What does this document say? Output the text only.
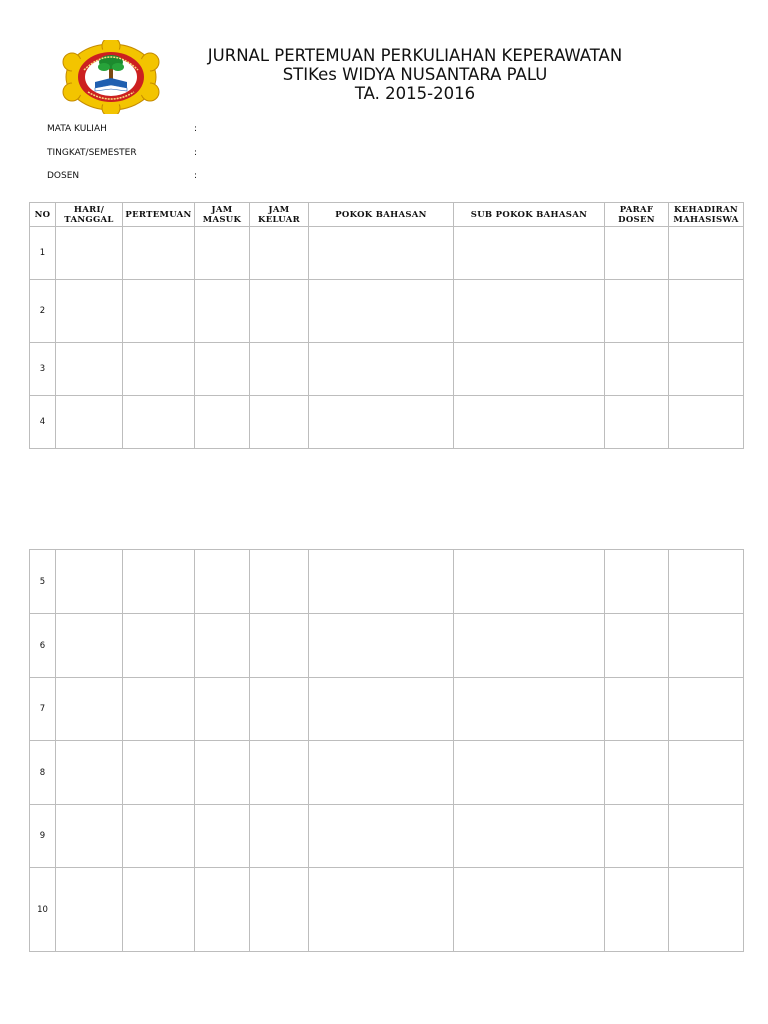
JURNAL PERTEMUAN PERKULIAHAN KEPERAWATAN
STIKes WIDYA NUSANTARA PALU
TA. 2015-2016
MATA KULIAH	:
TINGKAT/SEMESTER	:
DOSEN	:
NO	HARI/ TANGGAL	PERTEMUAN	JAM MASUK	JAM KELUAR	POKOK BAHASAN	SUB POKOK BAHASAN	PARAF DOSEN	KEHADIRAN MAHASISWA
1								
2								
3								
4								
5								
6								
7								
8								
9								
10								
